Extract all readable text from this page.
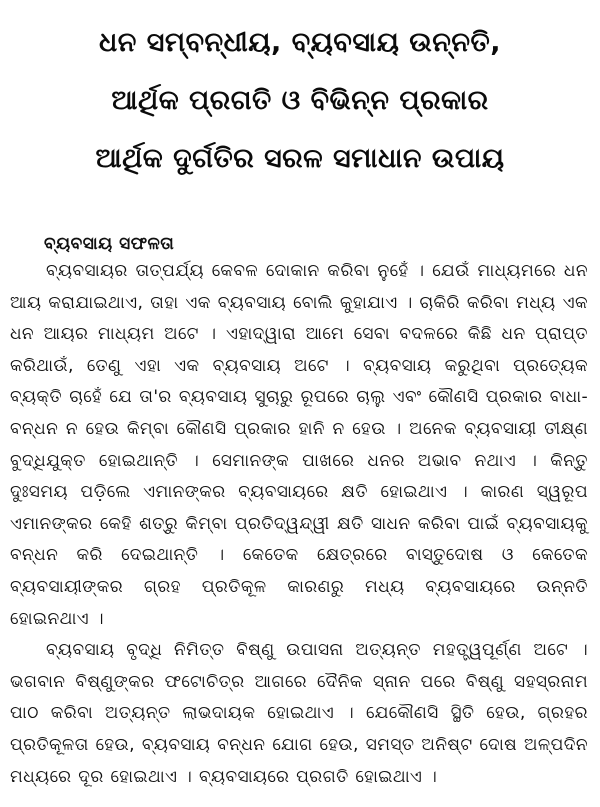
ଧନ ସମ୍ବନ୍ଧୀୟ, ବ୍ୟବସାୟ ଉନ୍ନତି,
ଆର୍ଥିକ ପ୍ରଗତି ଓ ବିଭିନ୍ନ ପ୍ରକାର
ଆର୍ଥିକ ଦୁର୍ଗତିର ସରଳ ସମାଧାନ ଉପାୟ
ବ୍ୟବସାୟ ସଫଳତା

ବ୍ୟବସାୟର ତାତ୍ପର୍ଯ୍ୟ କେବଳ ଦୋକାନ କରିବା ନୁହେଁ । ଯେଉଁ ମାଧ୍ୟମରେ ଧନ ଆୟ କରାଯାଇଥାଏ, ତାହା ଏକ ବ୍ୟବସାୟ ବୋଲି କୁହାଯାଏ । ଚାକିରି କରିବା ମଧ୍ୟ ଏକ ଧନ ଆୟର ମାଧ୍ୟମ ଅଟେ । ଏହାଦ୍ୱାରା ଆମେ ସେବା ବଦଳରେ କିଛି ଧନ ପ୍ରାପ୍ତ କରିଥାଉଁ, ତେଣୁ ଏହା ଏକ ବ୍ୟବସାୟ ଅଟେ । ବ୍ୟବସାୟ କରୁଥିବା ପ୍ରତ୍ୟେକ ବ୍ୟକ୍ତି ଚାହେଁ ଯେ ତା'ର ବ୍ୟବସାୟ ସୁଚାରୁ ରୂପରେ ଚାଲୁ ଏବଂ କୌଣସି ପ୍ରକାର ବାଧା-ବନ୍ଧନ ନ ହେଉ କିମ୍ବା କୌଣସି ପ୍ରକାର ହାନି ନ ହେଉ । ଅନେକ ବ୍ୟବସାୟୀ ତୀକ୍ଷ୍ଣ ବୁଦ୍ଧିଯୁକ୍ତ ହୋଇଥାନ୍ତି । ସେମାନଙ୍କ ପାଖରେ ଧନର ଅଭାବ ନଥାଏ । କିନ୍ତୁ ଦୁଃସମୟ ପଡ଼ିଲେ ଏମାନଙ୍କର ବ୍ୟବସାୟରେ କ୍ଷତି ହୋଇଥାଏ । କାରଣ ସ୍ୱରୂପ ଏମାନଙ୍କର କେହି ଶତ୍ରୁ କିମ୍ବା ପ୍ରତିଦ୍ୱନ୍ଦ୍ୱୀ କ୍ଷତି ସାଧନ କରିବା ପାଇଁ ବ୍ୟବସାୟକୁ ବନ୍ଧନ କରି ଦେଇଥାନ୍ତି । କେତେକ କ୍ଷେତ୍ରରେ ବାସ୍ତୁଦୋଷ ଓ କେତେକ ବ୍ୟବସାୟୀଙ୍କର ଗ୍ରହ ପ୍ରତିକୂଳ କାରଣରୁ ମଧ୍ୟ ବ୍ୟବସାୟରେ ଉନ୍ନତି ହୋଇନଥାଏ ।

ବ୍ୟବସାୟ ବୃଦ୍ଧି ନିମିତ୍ତ ବିଷ୍ଣୁ ଉପାସନା ଅତ୍ୟନ୍ତ ମହତ୍ତ୍ୱପୂର୍ଣ୍ଣ ଅଟେ । ଭଗବାନ ବିଷ୍ଣୁଙ୍କର ଫଟୋଚିତ୍ର ଆଗରେ ଦୈନିକ ସ୍ନାନ ପରେ ବିଷ୍ଣୁ ସହସ୍ରନାମ ପାଠ କରିବା ଅତ୍ୟନ୍ତ ଲାଭଦାୟକ ହୋଇଥାଏ । ଯେକୌଣସି ସ୍ଥିତି ହେଉ, ଗ୍ରହର ପ୍ରତିକୂଳତା ହେଉ, ବ୍ୟବସାୟ ବନ୍ଧନ ଯୋଗ ହେଉ, ସମସ୍ତ ଅନିଷ୍ଟ ଦୋଷ ଅଳ୍ପଦିନ ମଧ୍ୟରେ ଦୂର ହୋଇଥାଏ । ବ୍ୟବସାୟରେ ପ୍ରଗତି ହୋଇଥାଏ ।
